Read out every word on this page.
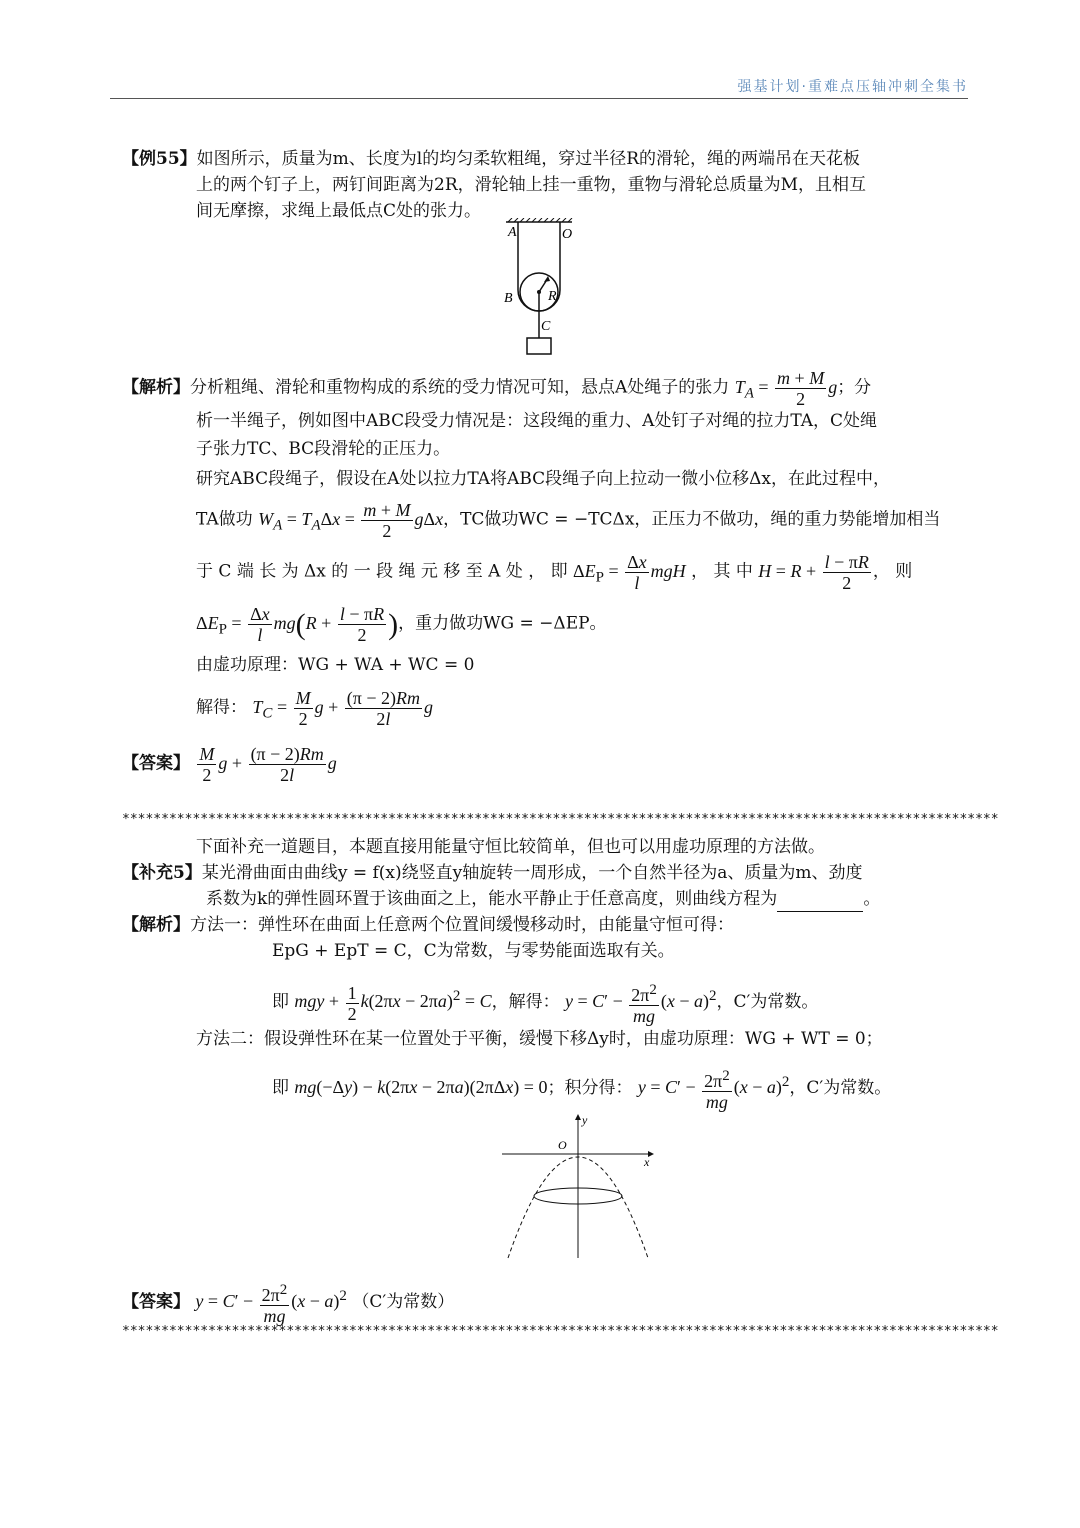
强基计划·重难点压轴冲刺全集书
【例55】如图所示，质量为m、长度为l的均匀柔软粗绳，穿过半径R的滑轮，绳的两端吊在天花板
上的两个钉子上，两钉间距离为2R，滑轮轴上挂一重物，重物与滑轮总质量为M，且相互
间无摩擦，求绳上最低点C处的张力。
A	O
B	R
C
【解析】分析粗绳、滑轮和重物构成的系统的受力情况可知，悬点A处绳子的张力 $T_A = \frac{m + M}{2}$ g；分
析一半绳子，例如图中ABC段受力情况是：这段绳的重力、A处钉子对绳的拉力TA，C处绳
子张力TC、BC段滑轮的正压力。
研究ABC段绳子，假设在A处以拉力TA将ABC段绳子向上拉动一微小位移Δx，在此过程中，
TA做功 $W_A = T_A\Delta x = \frac{m + M}{2}$ gΔx，TC做功WC = −TCΔx，正压力不做功，绳的重力势能增加相当
于 C 端 长 为 Δx 的 一 段 绳 元 移 至 A 处 ， 即 $\Delta E_P = \frac{\Delta x}{l}$ mgH ， 其 中 $H = R + \frac{l - \pi R}{2}$ ， 则
$\Delta E_P = \frac{\Delta x}{l} mg(R + \frac{l - \pi R}{2}$ )，重力做功WG = −ΔEP。
由虚功原理：WG + WA + WC = 0
解得： $T_C = \frac{M}{2}$ $g + \frac{(\pi - 2)Rm}{2l}$ g
【答案】 $\frac{M}{2}$ $g + \frac{(\pi - 2)Rm}{2l}$ g
****************************************************************************************************************
下面补充一道题目，本题直接用能量守恒比较简单，但也可以用虚功原理的方法做。
【补充5】某光滑曲面由曲线y = f(x)绕竖直y轴旋转一周形成，一个自然半径为a、质量为m、劲度
系数为k的弹性圆环置于该曲面之上，能水平静止于任意高度，则曲线方程为	。
【解析】方法一：弹性环在曲面上任意两个位置间缓慢移动时，由能量守恒可得：
EpG + EpT = C，C为常数，与零势能面选取有关。
即 mgy + $\frac{1}{2} k(2\pi x - 2\pi a)^2 = C$，解得： $y = C' - \frac{2\pi^2}{mg} (x - a)^2$，C′为常数。
方法二：假设弹性环在某一位置处于平衡，缓慢下移Δy时，由虚功原理：WG + WT = 0；
即 mg(−Δy) − k(2πx − 2πa)(2πΔx) = 0；积分得： $y = C' - \frac{2\pi^2}{mg} (x - a)^2$，C′为常数。
y
O
x
【答案】 $y = C' - \frac{2\pi^2}{mg} (x - a)^2$ （C′为常数）
****************************************************************************************************************
